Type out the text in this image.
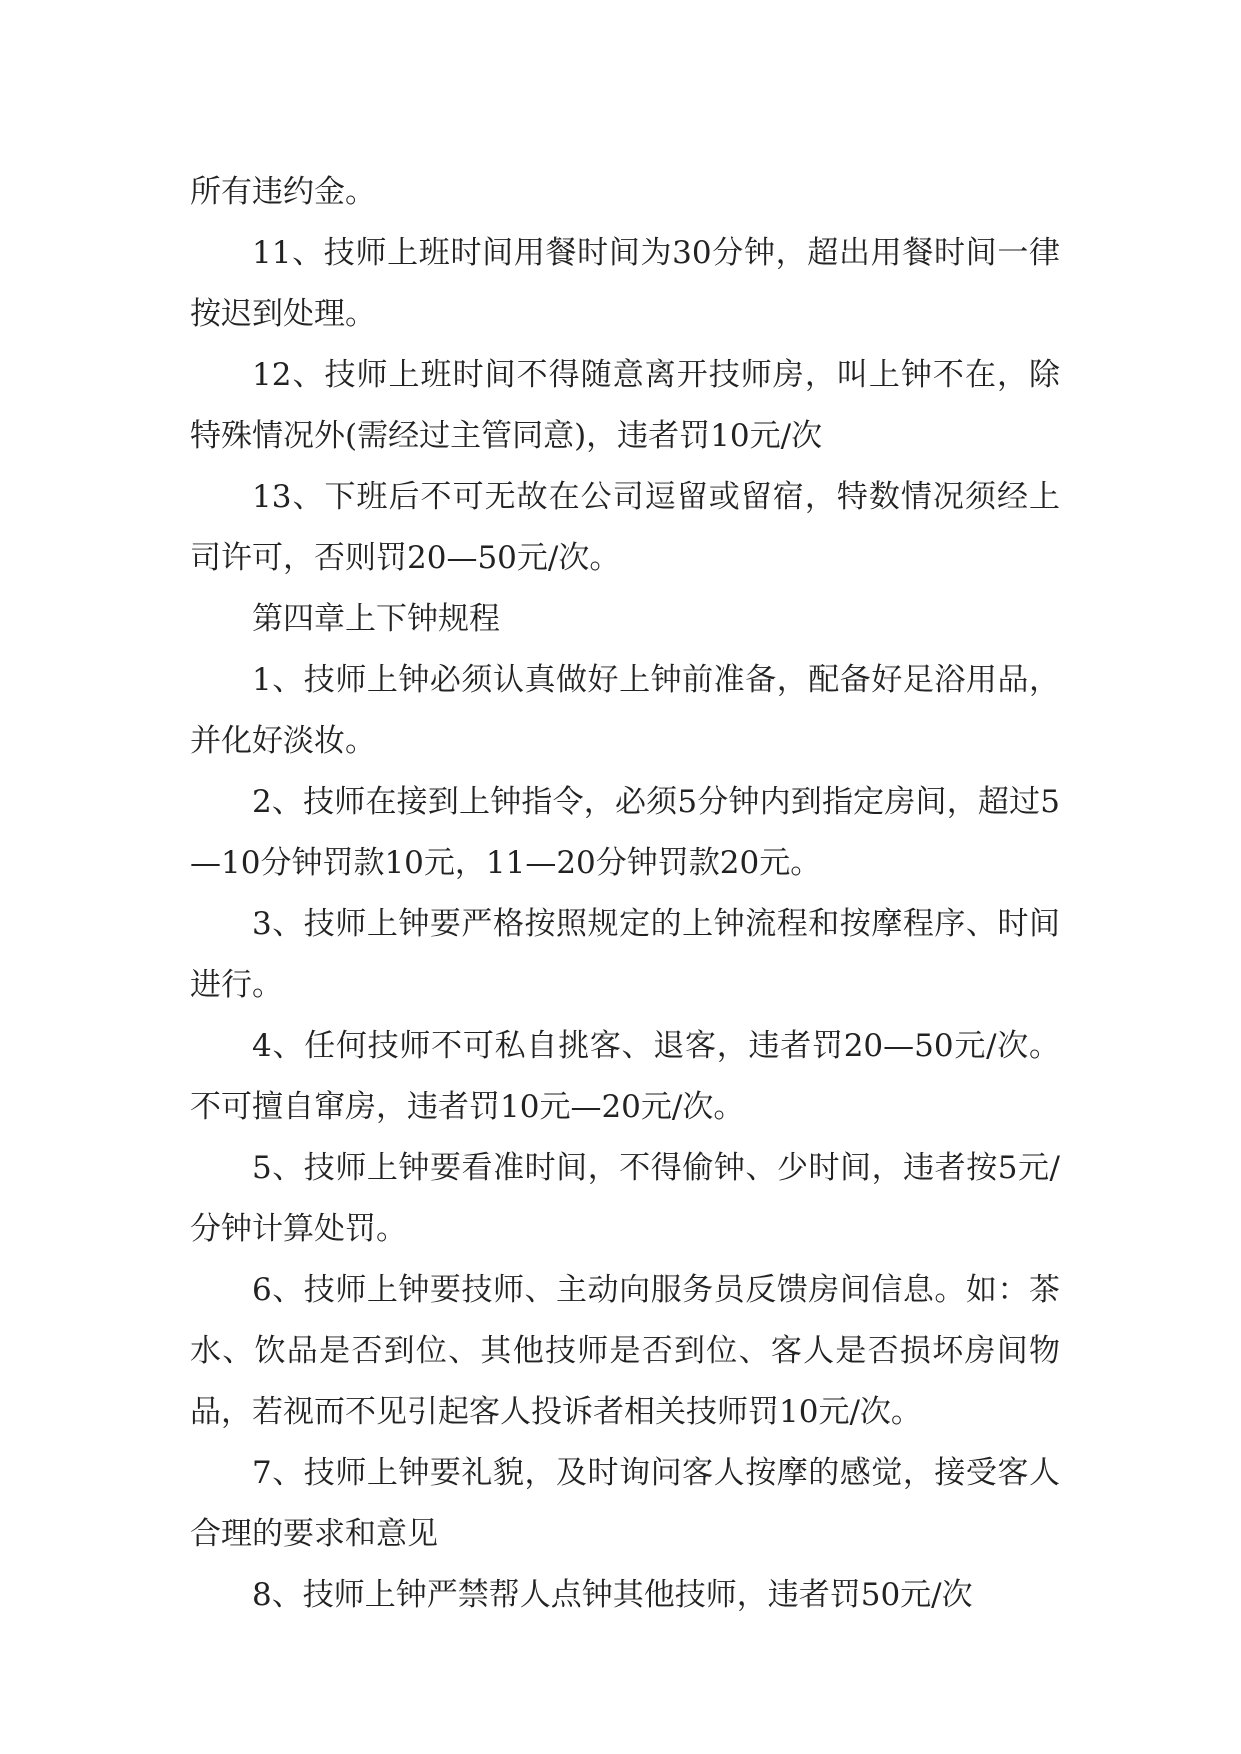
所有违约金。

11、技师上班时间用餐时间为30分钟，超出用餐时间一律按迟到处理。

12、技师上班时间不得随意离开技师房，叫上钟不在，除特殊情况外(需经过主管同意)，违者罚10元/次

13、下班后不可无故在公司逗留或留宿，特数情况须经上司许可，否则罚20—50元/次。

第四章上下钟规程

1、技师上钟必须认真做好上钟前准备，配备好足浴用品，并化好淡妆。

2、技师在接到上钟指令，必须5分钟内到指定房间，超过5—10分钟罚款10元，11—20分钟罚款20元。

3、技师上钟要严格按照规定的上钟流程和按摩程序、时间进行。

4、任何技师不可私自挑客、退客，违者罚20—50元/次。不可擅自窜房，违者罚10元—20元/次。

5、技师上钟要看准时间，不得偷钟、少时间，违者按5元/分钟计算处罚。

6、技师上钟要技师、主动向服务员反馈房间信息。如：茶水、饮品是否到位、其他技师是否到位、客人是否损坏房间物品，若视而不见引起客人投诉者相关技师罚10元/次。

7、技师上钟要礼貌，及时询问客人按摩的感觉，接受客人合理的要求和意见

8、技师上钟严禁帮人点钟其他技师，违者罚50元/次
